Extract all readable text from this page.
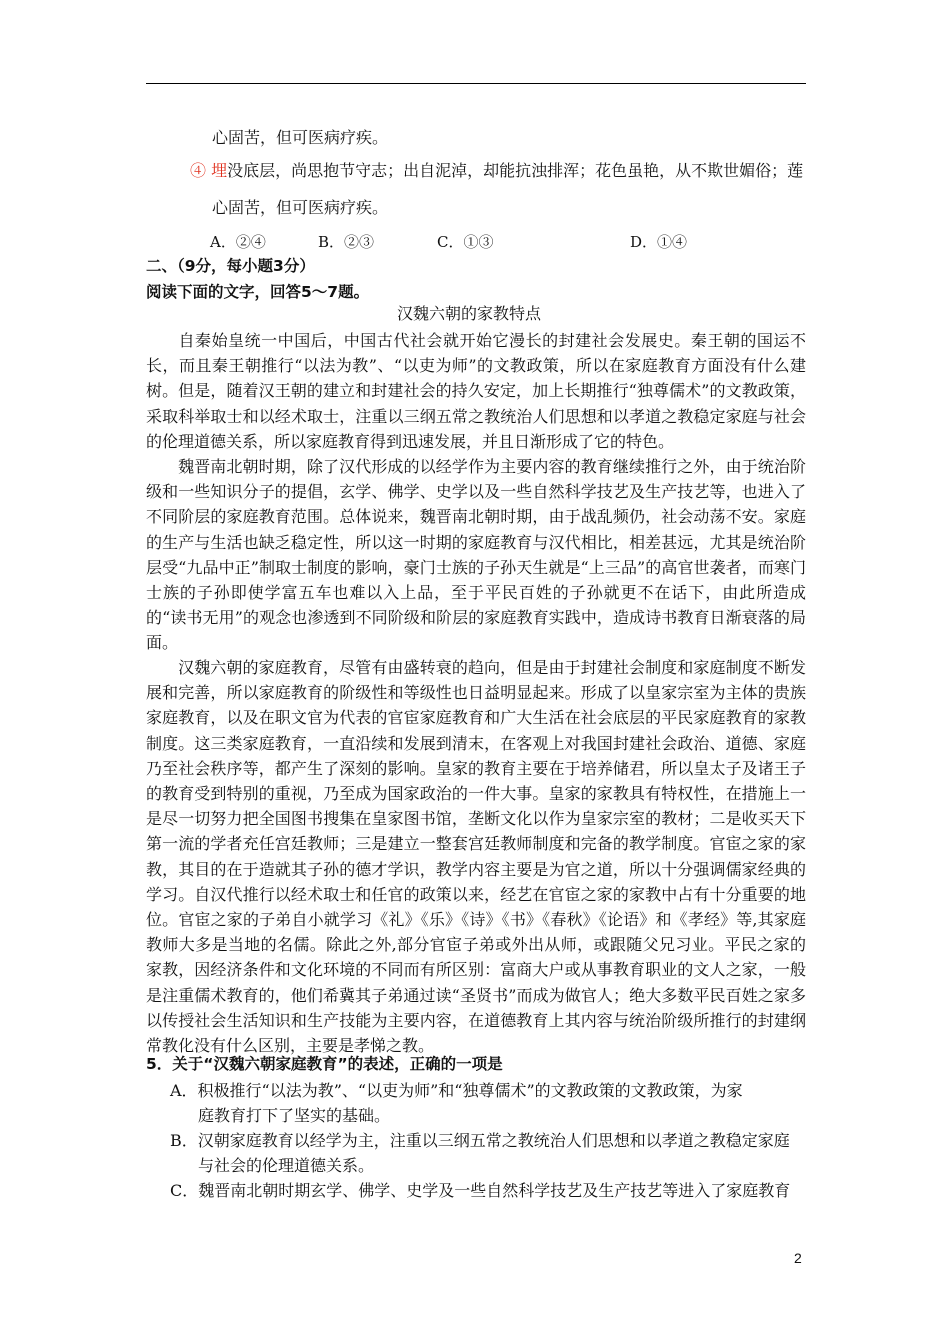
心固苦，但可医病疗疾。
④ 埋没底层，尚思抱节守志；出自泥淖，却能抗浊排浑；花色虽艳，从不欺世媚俗；莲
心固苦，但可医病疗疾。
A．②④	B．②③	C．①③	D．①④
二、（9分，每小题3分）
阅读下面的文字，回答5～7题。
汉魏六朝的家教特点
自秦始皇统一中国后，中国古代社会就开始它漫长的封建社会发展史。秦王朝的国运不长，而且秦王朝推行“以法为教”、“以吏为师”的文教政策，所以在家庭教育方面没有什么建树。但是，随着汉王朝的建立和封建社会的持久安定，加上长期推行“独尊儒术”的文教政策，采取科举取士和以经术取士，注重以三纲五常之教统治人们思想和以孝道之教稳定家庭与社会的伦理道德关系，所以家庭教育得到迅速发展，并且日渐形成了它的特色。
魏晋南北朝时期，除了汉代形成的以经学作为主要内容的教育继续推行之外，由于统治阶级和一些知识分子的提倡，玄学、佛学、史学以及一些自然科学技艺及生产技艺等，也进入了不同阶层的家庭教育范围。总体说来，魏晋南北朝时期，由于战乱频仍，社会动荡不安。家庭的生产与生活也缺乏稳定性，所以这一时期的家庭教育与汉代相比，相差甚远，尤其是统治阶层受“九品中正”制取士制度的影响，豪门士族的子孙天生就是“上三品”的高官世袭者，而寒门士族的子孙即使学富五车也难以入上品，至于平民百姓的子孙就更不在话下，由此所造成的“读书无用”的观念也渗透到不同阶级和阶层的家庭教育实践中，造成诗书教育日渐衰落的局面。
汉魏六朝的家庭教育，尽管有由盛转衰的趋向，但是由于封建社会制度和家庭制度不断发展和完善，所以家庭教育的阶级性和等级性也日益明显起来。形成了以皇家宗室为主体的贵族家庭教育，以及在职文官为代表的官宦家庭教育和广大生活在社会底层的平民家庭教育的家教制度。这三类家庭教育，一直沿续和发展到清末，在客观上对我国封建社会政治、道德、家庭乃至社会秩序等，都产生了深刻的影响。皇家的教育主要在于培养储君，所以皇太子及诸王子的教育受到特别的重视，乃至成为国家政治的一件大事。皇家的家教具有特权性，在措施上一是尽一切努力把全国图书搜集在皇家图书馆，垄断文化以作为皇家宗室的教材；二是收买天下第一流的学者充任宫廷教师；三是建立一整套宫廷教师制度和完备的教学制度。官宦之家的家教，其目的在于造就其子孙的德才学识，教学内容主要是为官之道，所以十分强调儒家经典的学习。自汉代推行以经术取士和任官的政策以来，经艺在官宦之家的家教中占有十分重要的地位。官宦之家的子弟自小就学习《礼》《乐》《诗》《书》《春秋》《论语》和《孝经》等,其家庭教师大多是当地的名儒。除此之外,部分官宦子弟或外出从师，或跟随父兄习业。平民之家的家教，因经济条件和文化环境的不同而有所区别：富商大户或从事教育职业的文人之家，一般是注重儒术教育的，他们希冀其子弟通过读“圣贤书”而成为做官人；绝大多数平民百姓之家多以传授社会生活知识和生产技能为主要内容，在道德教育上其内容与统治阶级所推行的封建纲常教化没有什么区别，主要是孝悌之教。
5．关于“汉魏六朝家庭教育”的表述，正确的一项是
A．积极推行“以法为教”、“以吏为师”和“独尊儒术”的文教政策的文教政策，为家
庭教育打下了坚实的基础。
B．汉朝家庭教育以经学为主，注重以三纲五常之教统治人们思想和以孝道之教稳定家庭
与社会的伦理道德关系。
C．魏晋南北朝时期玄学、佛学、史学及一些自然科学技艺及生产技艺等进入了家庭教育
2
